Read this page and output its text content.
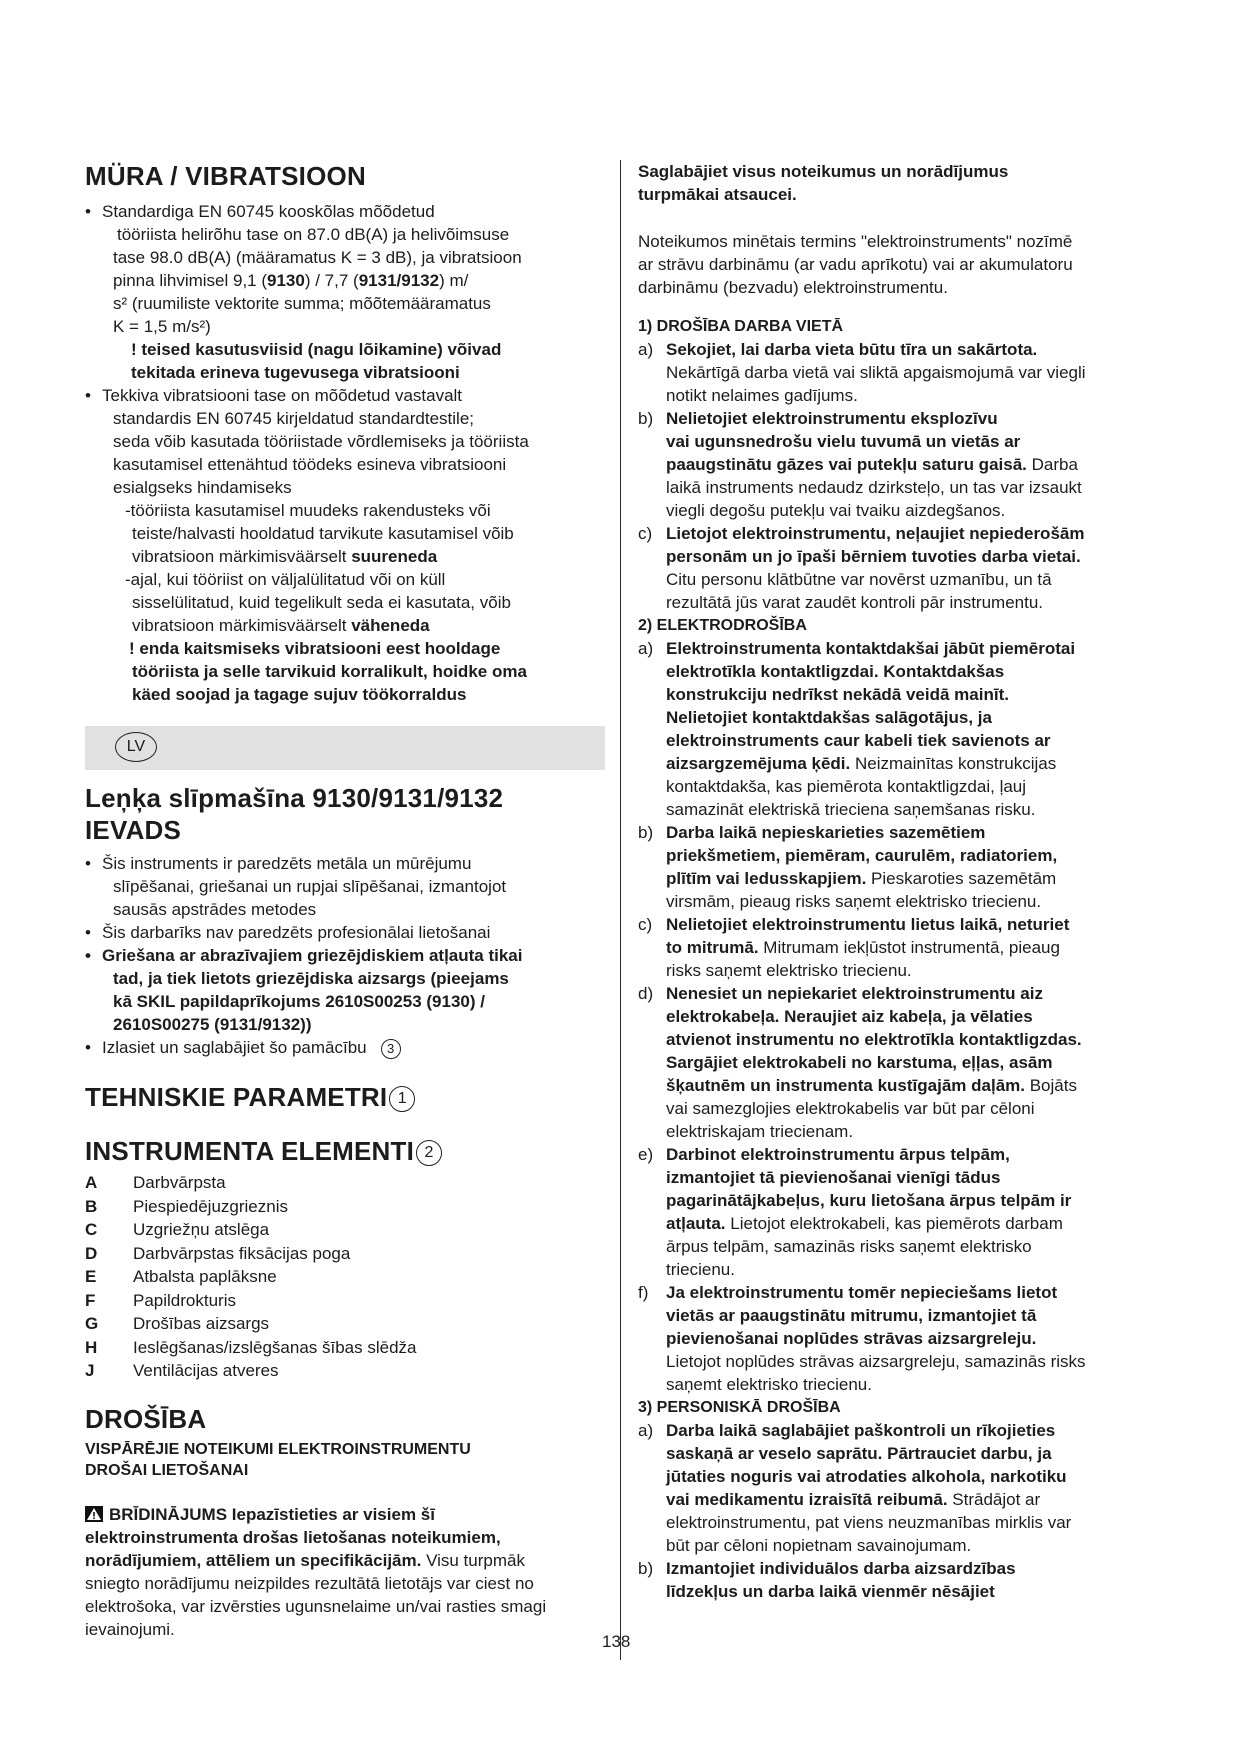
MÜRA / VIBRATSIOON
• Standardiga EN 60745 kooskõlas mõõdetud
tööriista helirõhu tase on 87.0 dB(A) ja helivõimsuse
tase 98.0 dB(A) (määramatus K = 3 dB), ja vibratsioon
pinna lihvimisel 9,1 (9130) / 7,7 (9131/9132) m/
s² (ruumiliste vektorite summa; mõõtemääramatus
K = 1,5 m/s²)
! teised kasutusviisid (nagu lõikamine) võivad
tekitada erineva tugevusega vibratsiooni
• Tekkiva vibratsiooni tase on mõõdetud vastavalt
standardis EN 60745 kirjeldatud standardtestile;
seda võib kasutada tööriistade võrdlemiseks ja tööriista
kasutamisel ettenähtud töödeks esineva vibratsiooni
esialgseks hindamiseks
-tööriista kasutamisel muudeks rakendusteks või
teiste/halvasti hooldatud tarvikute kasutamisel võib
vibratsioon märkimisväärselt suureneda
-ajal, kui tööriist on väljalülitatud või on küll
sisselülitatud, kuid tegelikult seda ei kasutata, võib
vibratsioon märkimisväärselt väheneda
! enda kaitsmiseks vibratsiooni eest hooldage
tööriista ja selle tarvikuid korralikult, hoidke oma
käed soojad ja tagage sujuv töökorraldus
LV
Leņķa slīpmašīna 9130/9131/9132
IEVADS
• Šis instruments ir paredzēts metāla un mūrējumu
slīpēšanai, griešanai un rupjai slīpēšanai, izmantojot
sausās apstrādes metodes
• Šis darbarīks nav paredzēts profesionālai lietošanai
• Griešana ar abrazīvajiem griezējdiskiem atļauta tikai
tad, ja tiek lietots griezējdiska aizsargs (pieejams
kā SKIL papildaprīkojums 2610S00253 (9130) /
2610S00275 (9131/9132))
• Izlasiet un saglabājiet šo pamācību 3
TEHNISKIE PARAMETRI 1
INSTRUMENTA ELEMENTI 2
A	Darbvārpsta
B	Piespiedējuzgrieznis
C	Uzgriežņu atslēga
D	Darbvārpstas fiksācijas poga
E	Atbalsta paplāksne
F	Papildrokturis
G	Drošības aizsargs
H	Ieslēgšanas/izslēgšanas šības slēdža
J	Ventilācijas atveres
DROŠĪBA
VISPĀRĒJIE NOTEIKUMI ELEKTROINSTRUMENTU
DROŠAI LIETOŠANAI
BRĪDINĀJUMS Iepazīstieties ar visiem šī
elektroinstrumenta drošas lietošanas noteikumiem,
norādījumiem, attēliem un specifikācijām. Visu turpmāk
sniegto norādījumu neizpildes rezultātā lietotājs var ciest no
elektrošoka, var izvērsties ugunsnelaime un/vai rasties smagi
ievainojumi.
Saglabājiet visus noteikumus un norādījumus
turpmākai atsaucei.
Noteikumos minētais termins "elektroinstruments" nozīmē
ar strāvu darbināmu (ar vadu aprīkotu) vai ar akumulatoru
darbināmu (bezvadu) elektroinstrumentu.
1) DROŠĪBA DARBA VIETĀ
a) Sekojiet, lai darba vieta būtu tīra un sakārtota.
Nekārtīgā darba vietā vai sliktā apgaismojumā var viegli
notikt nelaimes gadījums.
b) Nelietojiet elektroinstrumentu eksplozīvu
vai ugunsnedrošu vielu tuvumā un vietās ar
paaugstinātu gāzes vai putekļu saturu gaisā. Darba
laikā instruments nedaudz dzirksteļo, un tas var izsaukt
viegli degošu putekļu vai tvaiku aizdegšanos.
c) Lietojot elektroinstrumentu, neļaujiet nepiederošām
personām un jo īpaši bērniem tuvoties darba vietai.
Citu personu klātbūtne var novērst uzmanību, un tā
rezultātā jūs varat zaudēt kontroli pār instrumentu.
2) ELEKTRODROŠĪBA
a) Elektroinstrumenta kontaktdakšai jābūt piemērotai
elektrotīkla kontaktligzdai. Kontaktdakšas
konstrukciju nedrīkst nekādā veidā mainīt.
Nelietojiet kontaktdakšas salāgotājus, ja
elektroinstruments caur kabeli tiek savienots ar
aizsargzemējuma ķēdi. Neizmainītas konstrukcijas
kontaktdakša, kas piemērota kontaktligzdai, ļauj
samazināt elektriskā trieciena saņemšanas risku.
b) Darba laikā nepieskarieties sazemētiem
priekšmetiem, piemēram, caurulēm, radiatoriem,
plītīm vai ledusskapjiem. Pieskaroties sazemētām
virsmām, pieaug risks saņemt elektrisko triecienu.
c) Nelietojiet elektroinstrumentu lietus laikā, neturiet
to mitrumā. Mitrumam iekļūstot instrumentā, pieaug
risks saņemt elektrisko triecienu.
d) Nenesiet un nepiekariet elektroinstrumentu aiz
elektrokabeļa. Neraujiet aiz kabeļa, ja vēlaties
atvienot instrumentu no elektrotīkla kontaktligzdas.
Sargājiet elektrokabeli no karstuma, eļļas, asām
šķautnēm un instrumenta kustīgajām daļām. Bojāts
vai samezglojies elektrokabelis var būt par cēloni
elektriskajam triecienam.
e) Darbinot elektroinstrumentu ārpus telpām,
izmantojiet tā pievienošanai vienīgi tādus
pagarinātājkabeļus, kuru lietošana ārpus telpām ir
atļauta. Lietojot elektrokabeli, kas piemērots darbam
ārpus telpām, samazinās risks saņemt elektrisko
triecienu.
f) Ja elektroinstrumentu tomēr nepieciešams lietot
vietās ar paaugstinātu mitrumu, izmantojiet tā
pievienošanai noplūdes strāvas aizsargreleju.
Lietojot noplūdes strāvas aizsargreleju, samazinās risks
saņemt elektrisko triecienu.
3) PERSONISKĀ DROŠĪBA
a) Darba laikā saglabājiet paškontroli un rīkojieties
saskaņā ar veselo saprātu. Pārtrauciet darbu, ja
jūtaties noguris vai atrodaties alkohola, narkotiku
vai medikamentu izraisītā reibumā. Strādājot ar
elektroinstrumentu, pat viens neuzmanības mirklis var
būt par cēloni nopietnam savainojumam.
b) Izmantojiet individuālos darba aizsardzības
līdzekļus un darba laikā vienmēr nēsājiet
138
